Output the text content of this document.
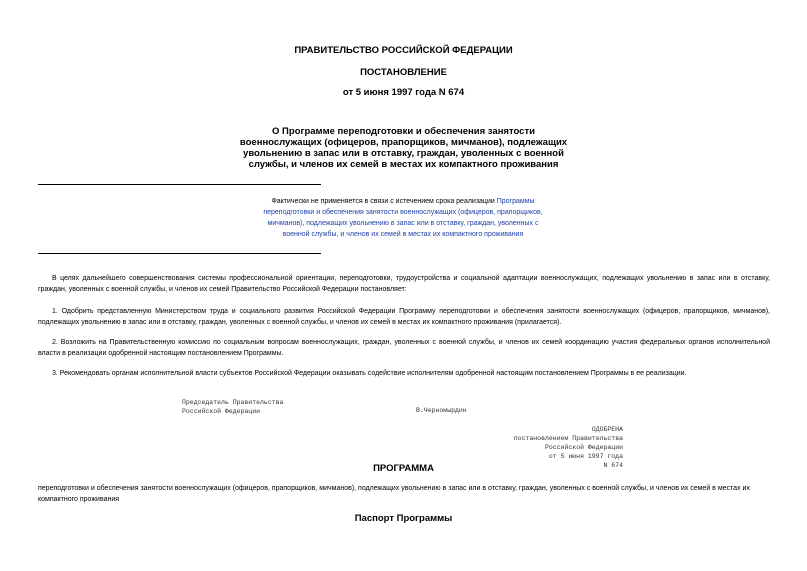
ПРАВИТЕЛЬСТВО РОССИЙСКОЙ ФЕДЕРАЦИИ
ПОСТАНОВЛЕНИЕ
от 5 июня 1997 года N 674
О Программе переподготовки и обеспечения занятости военнослужащих (офицеров, прапорщиков, мичманов), подлежащих увольнению в запас или в отставку, граждан, уволенных с военной службы, и членов их семей в местах их компактного проживания
Фактически не применяется в связи с истечением срока реализации Программы переподготовки и обеспечения занятости военнослужащих (офицеров, прапорщиков, мичманов), подлежащих увольнению в запас или в отставку, граждан, уволенных с военной службы, и членов их семей в местах их компактного проживания
В целях дальнейшего совершенствования системы профессиональной ориентации, переподготовки, трудоустройства и социальной адаптации военнослужащих, подлежащих увольнению в запас или в отставку, граждан, уволенных с военной службы, и членов их семей Правительство Российской Федерации постановляет:
1. Одобрить представленную Министерством труда и социального развития Российской Федерации Программу переподготовки и обеспечения занятости военнослужащих (офицеров, прапорщиков, мичманов), подлежащих увольнению в запас или в отставку, граждан, уволенных с военной службы, и членов их семей в местах их компактного проживания (прилагается).
2. Возложить на Правительственную комиссию по социальным вопросам военнослужащих, граждан, уволенных с военной службы, и членов их семей координацию участия федеральных органов исполнительной власти в реализации одобренной настоящим постановлением Программы.
3. Рекомендовать органам исполнительной власти субъектов Российской Федерации оказывать содействие исполнителям одобренной настоящим постановлением Программы в ее реализации.
Председатель Правительства
Российской Федерации	В.Черномырдин
ОДОБРЕНА
постановлением Правительства
Российской Федерации
от 5 июня 1997 года
N 674
ПРОГРАММА
переподготовки и обеспечения занятости военнослужащих (офицеров, прапорщиков, мичманов), подлежащих увольнению в запас или в отставку, граждан, уволенных с военной службы, и членов их семей в местах их компактного проживания
Паспорт Программы
